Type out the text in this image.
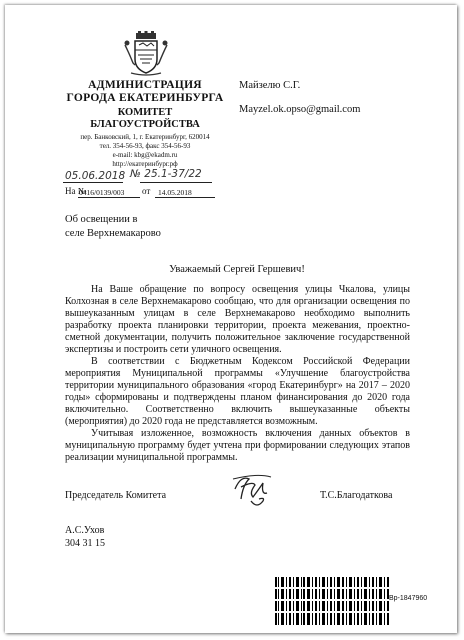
АДМИНИСТРАЦИЯ
ГОРОДА ЕКАТЕРИНБУРГА
КОМИТЕТ
БЛАГОУСТРОЙСТВА
пер. Банковский, 1, г. Екатеринбург, 620014
тел. 354-56-93, факс 354-56-93
e-mail: kbg@ekadm.ru
http://екатеринбург.рф
Майзелю С.Г.
Mayzel.ok.opso@gmail.com
05.06.2018 № 25.1-37/22
На №
0416/0139/003 от 14.05.2018
Об освещении в
селе Верхнемакарово
Уважаемый Сергей Гершевич!

На Ваше обращение по вопросу освещения улицы Чкалова, улицы Колхозная в селе Верхнемакарово сообщаю, что для организации освещения по вышеуказанным улицам в селе Верхнемакарово необходимо выполнить разработку проекта планировки территории, проекта межевания, проектно-сметной документации, получить положительное заключение государственной экспертизы и построить сети уличного освещения.

В соответствии с Бюджетным Кодексом Российской Федерации мероприятия Муниципальной программы «Улучшение благоустройства территории муниципального образования «город Екатеринбург» на 2017 – 2020 годы» сформированы и подтверждены планом финансирования до 2020 года включительно. Соответственно включить вышеуказанные объекты (мероприятия) до 2020 года не представляется возможным.

Учитывая изложенное, возможность включения данных объектов в муниципальную программу будет учтена при формировании следующих этапов реализации муниципальной программы.

Председатель Комитета	Т.С.Благодаткова
А.С.Ухов
304 31 15
Вр-1847960
